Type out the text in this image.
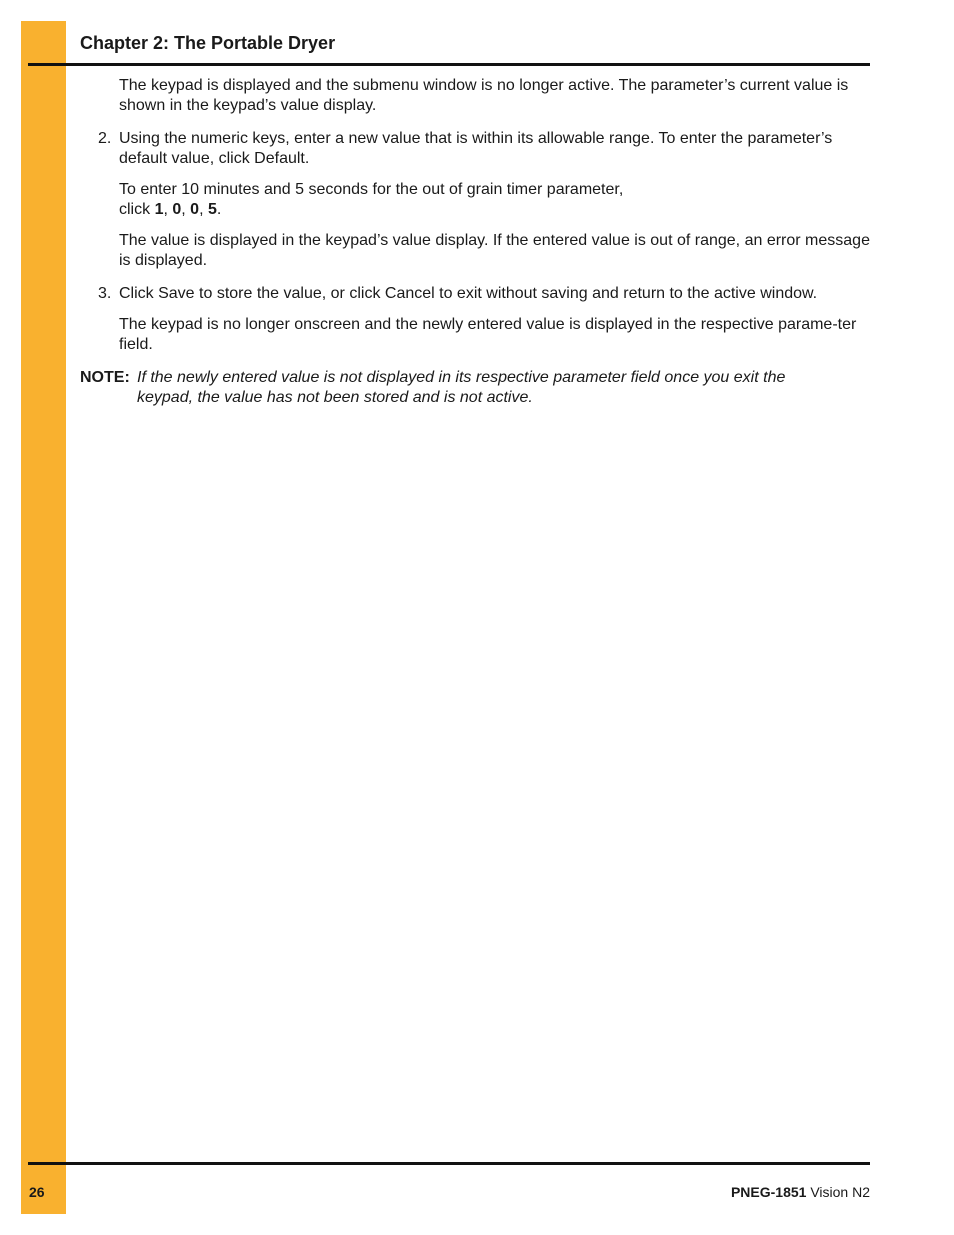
Chapter 2: The Portable Dryer

The keypad is displayed and the submenu window is no longer active. The parameter’s current value is shown in the keypad’s value display.

2. Using the numeric keys, enter a new value that is within its allowable range. To enter the parameter’s default value, click Default.

To enter 10 minutes and 5 seconds for the out of grain timer parameter,
click 1, 0, 0, 5.

The value is displayed in the keypad’s value display. If the entered value is out of range, an error message is displayed.

3. Click Save to store the value, or click Cancel to exit without saving and return to the active window.

The keypad is no longer onscreen and the newly entered value is displayed in the respective parame-ter field.

NOTE: If the newly entered value is not displayed in its respective parameter field once you exit the keypad, the value has not been stored and is not active.

26	PNEG-1851 Vision N2
